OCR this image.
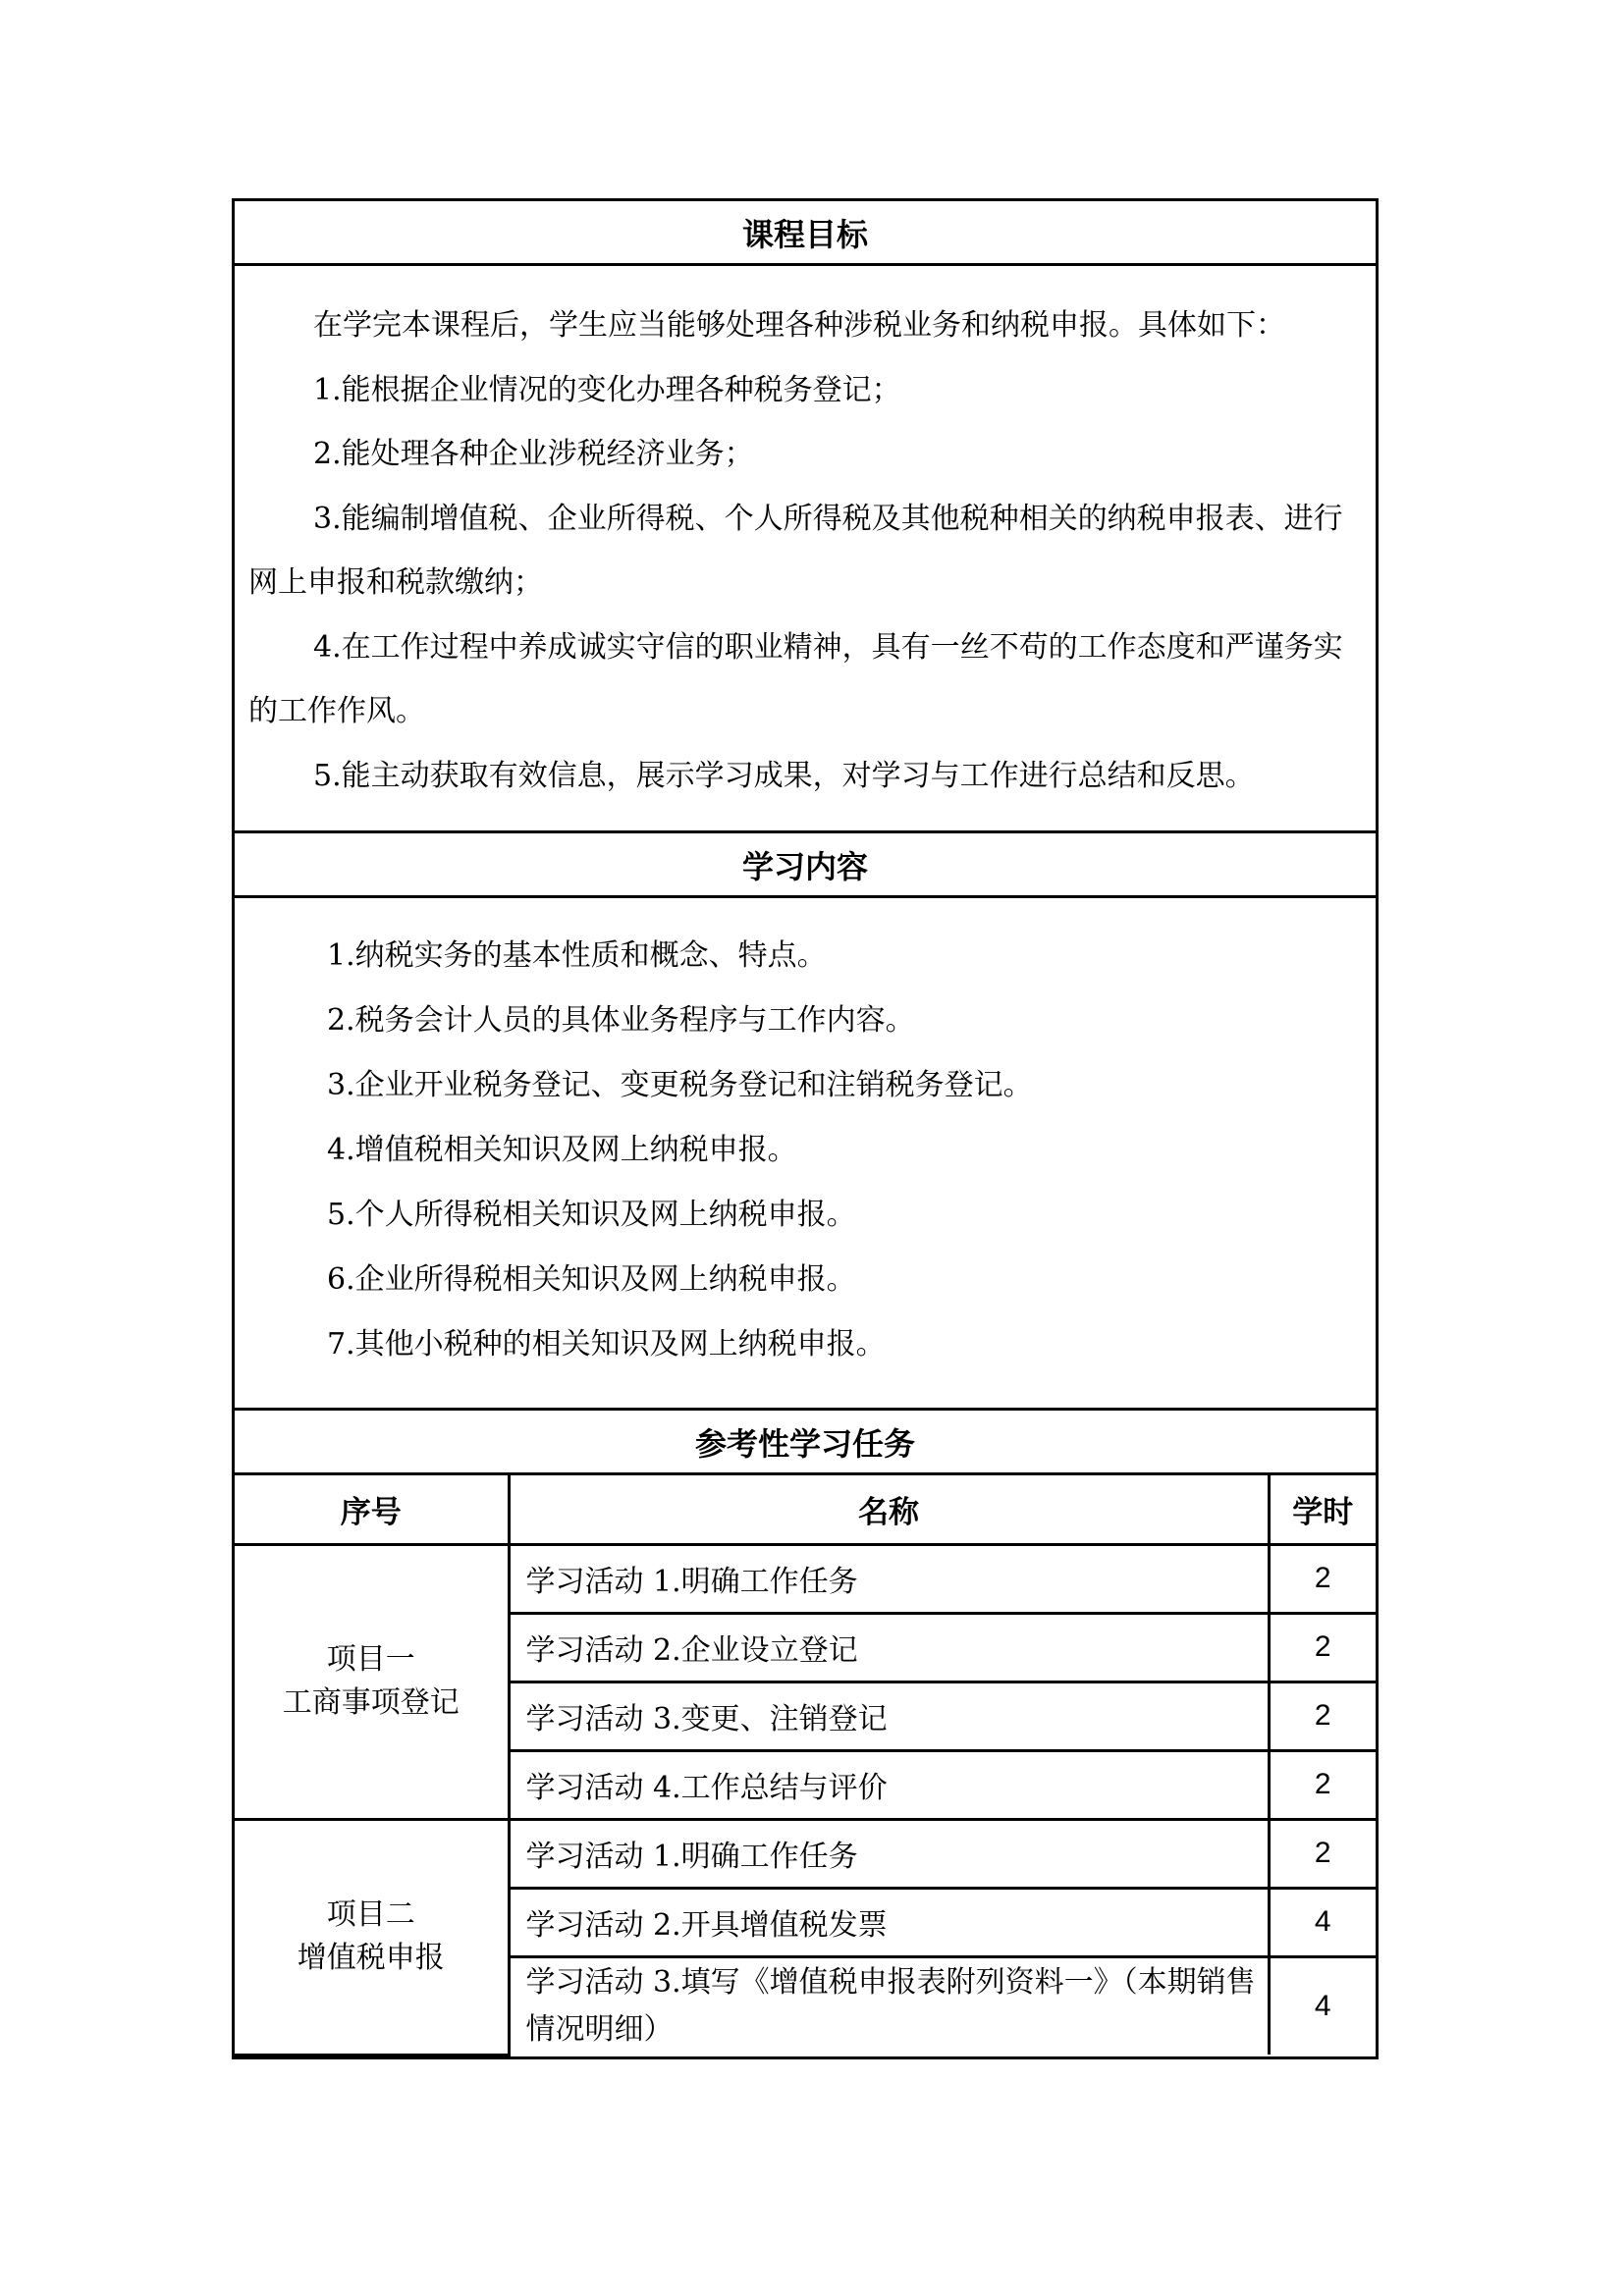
课程目标

在学完本课程后，学生应当能够处理各种涉税业务和纳税申报。具体如下：

1.能根据企业情况的变化办理各种税务登记；

2.能处理各种企业涉税经济业务；

3.能编制增值税、企业所得税、个人所得税及其他税种相关的纳税申报表、进行网上申报和税款缴纳；

4.在工作过程中养成诚实守信的职业精神，具有一丝不苟的工作态度和严谨务实的工作作风。

5.能主动获取有效信息，展示学习成果，对学习与工作进行总结和反思。

学习内容

1.纳税实务的基本性质和概念、特点。

2.税务会计人员的具体业务程序与工作内容。

3.企业开业税务登记、变更税务登记和注销税务登记。

4.增值税相关知识及网上纳税申报。

5.个人所得税相关知识及网上纳税申报。

6.企业所得税相关知识及网上纳税申报。

7.其他小税种的相关知识及网上纳税申报。

参考性学习任务
序号	名称	学时

项目一
工商事项登记	学习活动 1.明确工作任务	2
	学习活动 2.企业设立登记	2
	学习活动 3.变更、注销登记	2
	学习活动 4.工作总结与评价	2

项目二
增值税申报	学习活动 1.明确工作任务	2
	学习活动 2.开具增值税发票	4
	学习活动 3.填写《增值税申报表附列资料一》（本期销售情况明细）	4
